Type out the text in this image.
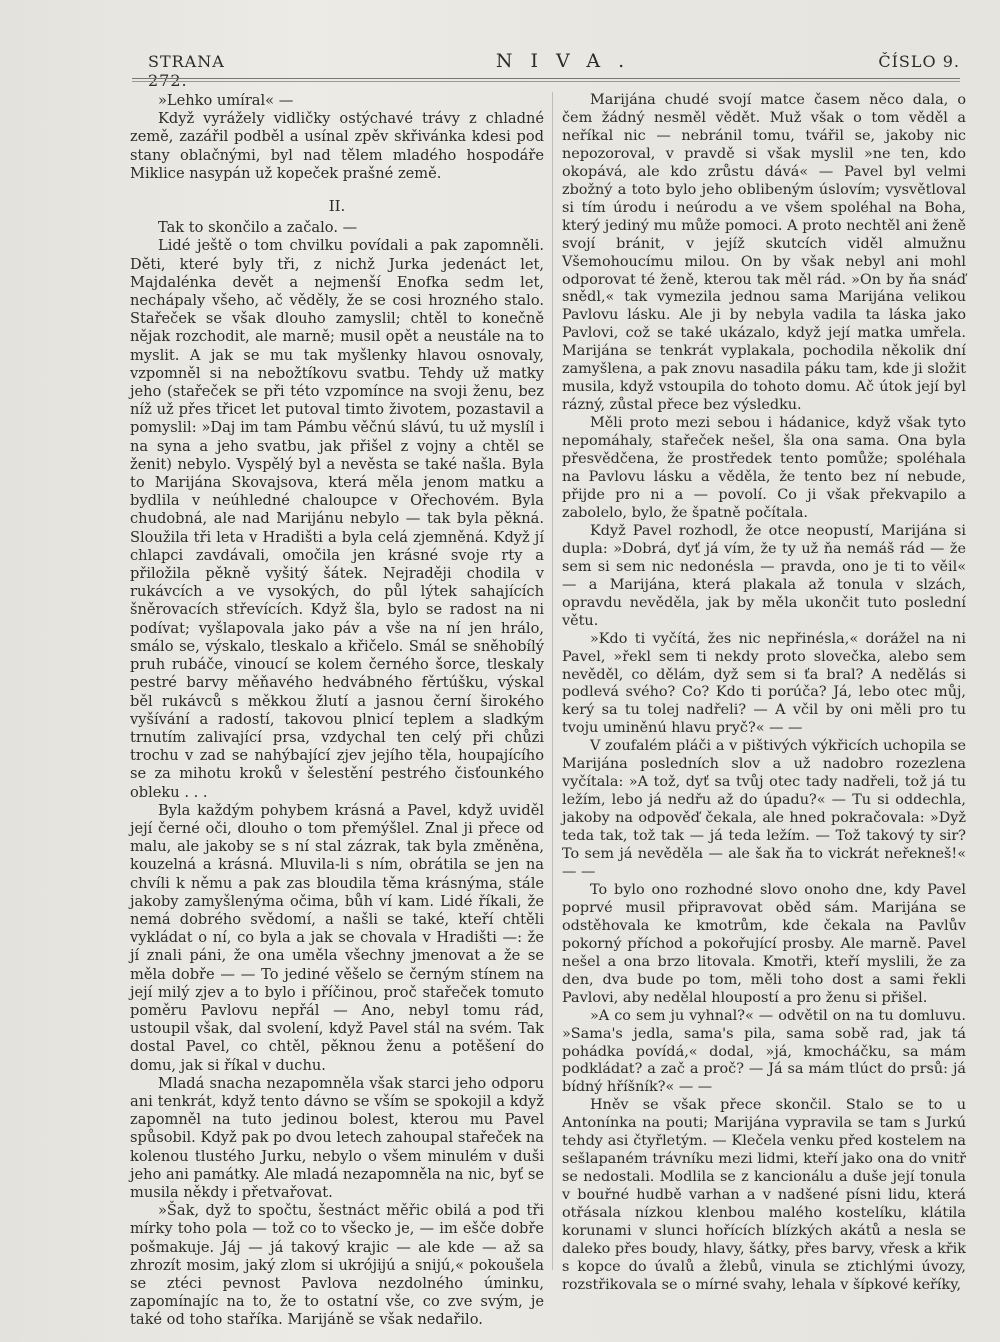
STRANA 272.
NIVA.	ČÍSLO 9.

»Lehko umíral« —

Když vyrážely vidličky ostýchavé trávy z chladné země, zazářil podběl a usínal zpěv skřivánka kdesi pod stany oblačnými, byl nad tělem mladého hospodáře Miklice nasypán už kopeček prašné země.

II.

Tak to skončilo a začalo. —

Lidé ještě o tom chvilku povídali a pak zapomněli. Děti, které byly tři, z nichž Jurka jedenáct let, Majdalénka devět a nejmenší Enofka sedm let, nechápaly všeho, ač věděly, že se cosi hrozného stalo. Stařeček se však dlouho zamyslil; chtěl to konečně nějak rozchodit, ale marně; musil opět a neustále na to myslit. A jak se mu tak myšlenky hlavou osnovaly, vzpomněl si na nebožtíkovu svatbu. Tehdy už matky jeho (stařeček se při této vzpomínce na svoji ženu, bez níž už přes třicet let putoval timto životem, pozastavil a pomyslil: »Daj im tam Pámbu věčnú slávú, tu už myslíl i na syna a jeho svatbu, jak přišel z vojny a chtěl se ženit) nebylo. Vyspělý byl a nevěsta se také našla. Byla to Marijána Skovajsova, která měla jenom matku a bydlila v neúhledné chaloupce v Ořechovém. Byla chudobná, ale nad Marijánu nebylo — tak byla pěkná. Sloužila tři leta v Hradišti a byla celá zjemněná. Když jí chlapci zavdávali, omočila jen krásné svoje rty a přiložila pěkně vyšitý šátek. Nejraději chodila v rukávcích a ve vysokých, do půl lýtek sahajících šněrovacích střevících. Když šla, bylo se radost na ni podívat; vyšlapovala jako páv a vše na ní jen hrálo, smálo se, výskalo, tleskalo a křičelo. Smál se sněhobílý pruh rubáče, vinoucí se kolem černého šorce, tleskaly pestré barvy měňavého hedvábného fěrtúšku, výskal běl rukávců s měkkou žlutí a jasnou černí širokého vyšívání a radostí, takovou plnicí teplem a sladkým trnutím zalivající prsa, vzdychal ten celý při chůzi trochu v zad se nahýbající zjev jejího těla, houpajícího se za mihotu kroků v šelestění pestrého čisťounkého obleku . . .

Byla každým pohybem krásná a Pavel, když uviděl její černé oči, dlouho o tom přemýšlel. Znal ji přece od malu, ale jakoby se s ní stal zázrak, tak byla změněna, kouzelná a krásná. Mluvila-li s ním, obrátila se jen na chvíli k němu a pak zas bloudila těma krásnýma, stále jakoby zamyšlenýma očima, bůh ví kam. Lidé říkali, že nemá dobrého svědomí, a našli se také, kteří chtěli vykládat o ní, co byla a jak se chovala v Hradišti —: že jí znali páni, že ona uměla všechny jmenovat a že se měla dobře — — To jediné věšelo se černým stínem na její milý zjev a to bylo i příčinou, proč stařeček tomuto poměru Pavlovu nepřál — Ano, nebyl tomu rád, ustoupil však, dal svolení, když Pavel stál na svém. Tak dostal Pavel, co chtěl, pěknou ženu a potěšení do domu, jak si říkal v duchu.

Mladá snacha nezapomněla však starci jeho odporu ani tenkrát, když tento dávno se vším se spokojil a když zapomněl na tuto jedinou bolest, kterou mu Pavel spůsobil. Když pak po dvou letech zahoupal stařeček na kolenou tlustého Jurku, nebylo o všem minulém v duši jeho ani památky. Ale mladá nezapomněla na nic, byť se musila někdy i přetvařovat.

»Šak, dyž to spočtu, šestnáct měřic obilá a pod tři mírky toho pola — tož co to všecko je, — im ešče dobře pošmakuje. Jáj — já takový krajic — ale kde — až sa zhrozít mosim, jaký zlom si ukrójijú a snijú,« pokoušela se ztéci pevnost Pavlova nezdolného úminku, zapomínajíc na to, že to ostatní vše, co zve svým, je také od toho staříka. Marijáně se však nedařilo.

Marijána chudé svojí matce časem něco dala, o čem žádný nesměl vědět. Muž však o tom věděl a neříkal nic — nebránil tomu, tvářil se, jakoby nic nepozoroval, v pravdě si však myslil »ne ten, kdo okopává, ale kdo zrůstu dává« — Pavel byl velmi zbožný a toto bylo jeho oblibeným úslovím; vysvětloval si tím úrodu i neúrodu a ve všem spoléhal na Boha, který jediný mu může pomoci. A proto nechtěl ani ženě svojí bránit, v jejíž skutcích viděl almužnu Všemohoucímu milou. On by však nebyl ani mohl odporovat té ženě, kterou tak měl rád. »On by ňa snáď snědl,« tak vymezila jednou sama Marijána velikou Pavlovu lásku. Ale ji by nebyla vadila ta láska jako Pavlovi, což se také ukázalo, když její matka umřela. Marijána se tenkrát vyplakala, pochodila několik dní zamyšlena, a pak znovu nasadila páku tam, kde ji složit musila, když vstoupila do tohoto domu. Ač útok její byl rázný, zůstal přece bez výsledku.

Měli proto mezi sebou i hádanice, když však tyto nepomáhaly, stařeček nešel, šla ona sama. Ona byla přesvědčena, že prostředek tento pomůže; spoléhala na Pavlovu lásku a věděla, že tento bez ní nebude, přijde pro ni a — povolí. Co ji však překvapilo a zabolelo, bylo, že špatně počítala.

Když Pavel rozhodl, že otce neopustí, Marijána si dupla: »Dobrá, dyť já vím, že ty už ňa nemáš rád — že sem si sem nic nedonésla — pravda, ono je ti to věil« — a Marijána, která plakala až tonula v slzách, opravdu nevěděla, jak by měla ukončit tuto poslední větu.

»Kdo ti vyčítá, žes nic nepřinésla,« dorážel na ni Pavel, »řekl sem ti nekdy proto slovečka, alebo sem nevěděl, co dělám, dyž sem si ťa bral? A nedělás si podlevá svého? Co? Kdo ti porúča? Já, lebo otec můj, kerý sa tu tolej nadřeli? — A včil by oni měli pro tu tvoju uminěnú hlavu pryč?« — —

V zoufalém pláči a v pištivých výkřicích uchopila se Marijána posledních slov a už nadobro rozezlena vyčítala: »A tož, dyť sa tvůj otec tady nadřeli, tož já tu ležím, lebo já nedřu až do úpadu?« — Tu si oddechla, jakoby na odpověď čekala, ale hned pokračovala: »Dyž teda tak, tož tak — já teda ležím. — Tož takový ty sir? To sem já nevěděla — ale šak ňa to vickrát neřekneš!« — —

To bylo ono rozhodné slovo onoho dne, kdy Pavel poprvé musil připravovat oběd sám. Marijána se odstěhovala ke kmotrům, kde čekala na Pavlův pokorný příchod a pokořující prosby. Ale marně. Pavel nešel a ona brzo litovala. Kmotři, kteří myslili, že za den, dva bude po tom, měli toho dost a sami řekli Pavlovi, aby nedělal hloupostí a pro ženu si přišel.

»A co sem ju vyhnal?« — odvětil on na tu domluvu. »Sama's jedla, sama's pila, sama sobě rad, jak tá pohádka povídá,« dodal, »já, kmocháčku, sa mám podkládat? a zač a proč? — Já sa mám tlúct do prsů: já bídný hříšník?« — —

Hněv se však přece skončil. Stalo se to u Antonínka na pouti; Marijána vypravila se tam s Jurkú tehdy asi čtyřletým. — Klečela venku před kostelem na sešlapaném trávníku mezi lidmi, kteří jako ona do vnitř se nedostali. Modlila se z kancionálu a duše její tonula v bouřné hudbě varhan a v nadšené písni lidu, která otřásala nízkou klenbou malého kostelíku, klátila korunami v slunci hořících blízkých akátů a nesla se daleko přes boudy, hlavy, šátky, přes barvy, vřesk a křik s kopce do úvalů a žlebů, vinula se ztichlými úvozy, rozstřikovala se o mírné svahy, lehala v šípkové keříky,
